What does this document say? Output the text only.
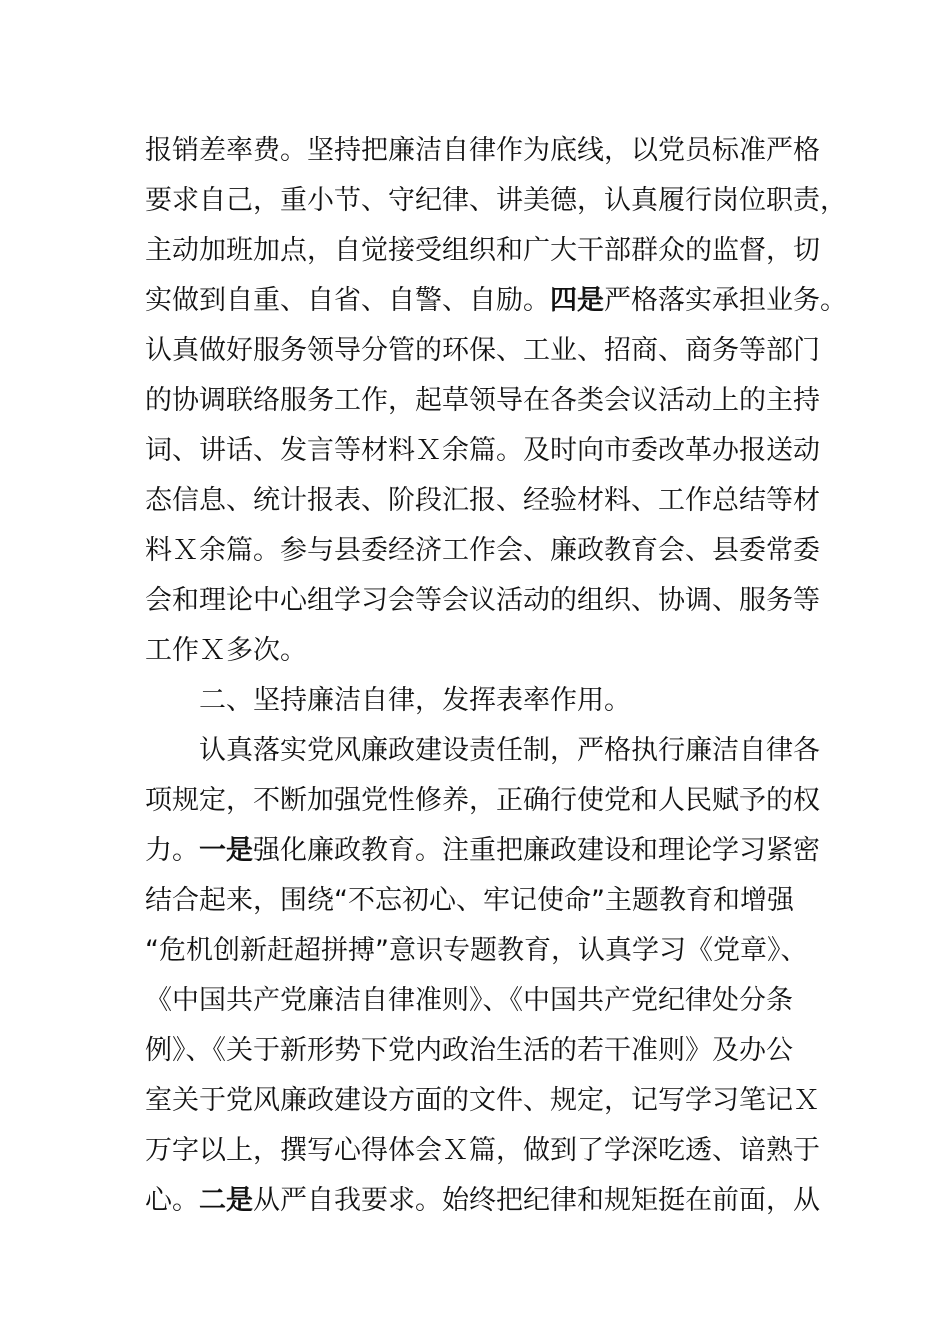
报销差率费。坚持把廉洁自律作为底线，以党员标准严格
要求自己，重小节、守纪律、讲美德，认真履行岗位职责，
主动加班加点，自觉接受组织和广大干部群众的监督，切
实做到自重、自省、自警、自励。四是严格落实承担业务。
认真做好服务领导分管的环保、工业、招商、商务等部门
的协调联络服务工作，起草领导在各类会议活动上的主持
词、讲话、发言等材料Ｘ余篇。及时向市委改革办报送动
态信息、统计报表、阶段汇报、经验材料、工作总结等材
料Ｘ余篇。参与县委经济工作会、廉政教育会、县委常委
会和理论中心组学习会等会议活动的组织、协调、服务等
工作Ｘ多次。
二、坚持廉洁自律，发挥表率作用。
认真落实党风廉政建设责任制，严格执行廉洁自律各
项规定，不断加强党性修养，正确行使党和人民赋予的权
力。一是强化廉政教育。注重把廉政建设和理论学习紧密
结合起来，围绕“不忘初心、牢记使命”主题教育和增强
“危机创新赶超拼搏”意识专题教育，认真学习《党章》、
《中国共产党廉洁自律准则》、《中国共产党纪律处分条
例》、《关于新形势下党内政治生活的若干准则》及办公
室关于党风廉政建设方面的文件、规定，记写学习笔记Ｘ
万字以上，撰写心得体会Ｘ篇，做到了学深吃透、谙熟于
心。二是从严自我要求。始终把纪律和规矩挺在前面，从
